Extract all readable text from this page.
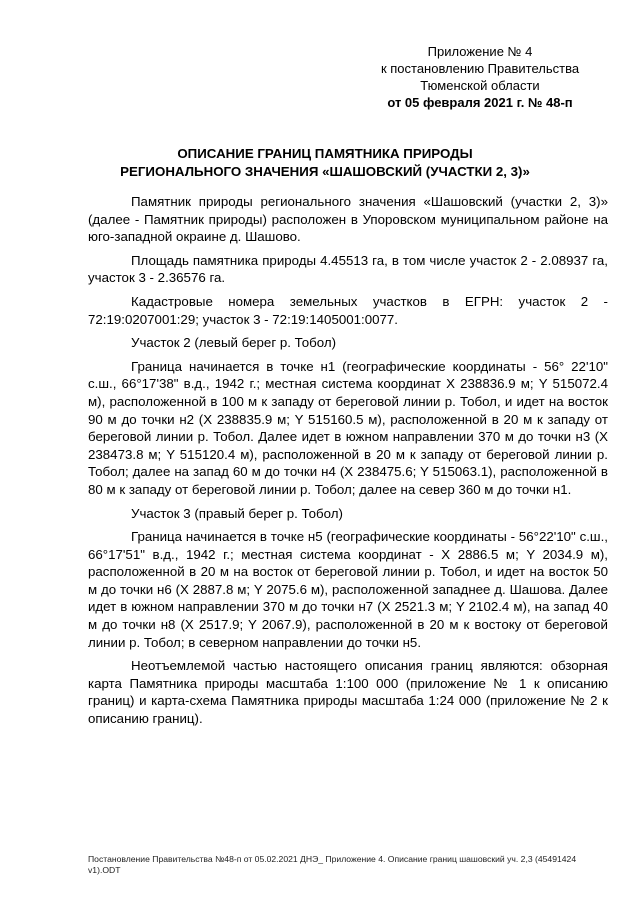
Приложение № 4
к постановлению Правительства
Тюменской области
от 05 февраля 2021 г. № 48-п
ОПИСАНИЕ ГРАНИЦ ПАМЯТНИКА ПРИРОДЫ
РЕГИОНАЛЬНОГО ЗНАЧЕНИЯ «ШАШОВСКИЙ (УЧАСТКИ 2, 3)»

Памятник природы регионального значения «Шашовский (участки 2, 3)» (далее - Памятник природы) расположен в Упоровском муниципальном районе на юго-западной окраине д. Шашово.

Площадь памятника природы 4.45513 га, в том числе участок 2 - 2.08937 га, участок 3 - 2.36576 га.

Кадастровые номера земельных участков в ЕГРН: участок 2 - 72:19:0207001:29; участок 3 - 72:19:1405001:0077.

Участок 2 (левый берег р. Тобол)

Граница начинается в точке н1 (географические координаты - 56° 22'10" с.ш., 66°17'38" в.д., 1942 г.; местная система координат X 238836.9 м; Y 515072.4 м), расположенной в 100 м к западу от береговой линии р. Тобол, и идет на восток 90 м до точки н2 (X 238835.9 м; Y 515160.5 м), расположенной в 20 м к западу от береговой линии р. Тобол. Далее идет в южном направлении 370 м до точки н3 (X 238473.8 м; Y 515120.4 м), расположенной в 20 м к западу от береговой линии р. Тобол; далее на запад 60 м до точки н4 (X 238475.6; Y 515063.1), расположенной в 80 м к западу от береговой линии р. Тобол; далее на север 360 м до точки н1.

Участок 3 (правый берег р. Тобол)

Граница начинается в точке н5 (географические координаты - 56°22'10" с.ш., 66°17'51" в.д., 1942 г.; местная система координат - X 2886.5 м; Y 2034.9 м), расположенной в 20 м на восток от береговой линии р. Тобол, и идет на восток 50 м до точки н6 (X 2887.8 м; Y 2075.6 м), расположенной западнее д. Шашова. Далее идет в южном направлении 370 м до точки н7 (X 2521.3 м; Y 2102.4 м), на запад 40 м до точки н8 (X 2517.9; Y 2067.9), расположенной в 20 м к востоку от береговой линии р. Тобол; в северном направлении до точки н5.

Неотъемлемой частью настоящего описания границ являются: обзорная карта Памятника природы масштаба 1:100 000 (приложение № 1 к описанию границ) и карта-схема Памятника природы масштаба 1:24 000 (приложение № 2 к описанию границ).

Постановление Правительства №48-п от 05.02.2021 ДНЭ_ Приложение 4. Описание границ шашовский уч. 2,3 (45491424 v1).ODT
